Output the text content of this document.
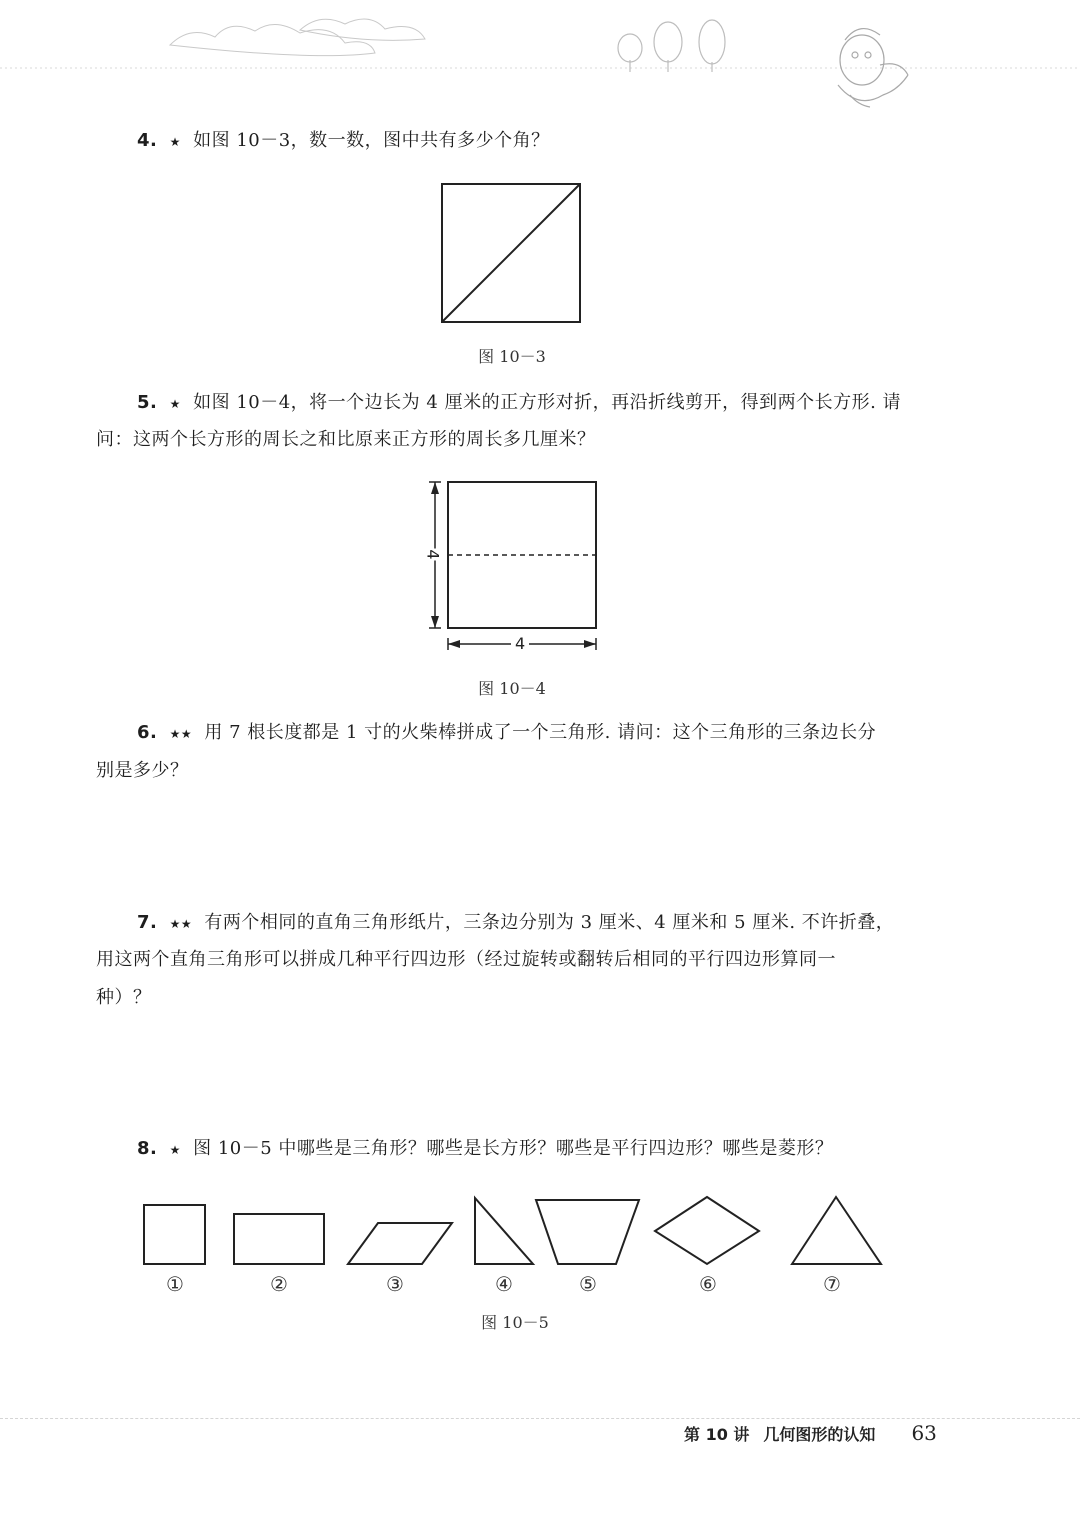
4. ★ 如图 10－3，数一数，图中共有多少个角？
图 10－3
5. ★ 如图 10－4，将一个边长为 4 厘米的正方形对折，再沿折线剪开，得到两个长方形. 请
问：这两个长方形的周长之和比原来正方形的周长多几厘米？
4
4
图 10－4
6. ★★ 用 7 根长度都是 1 寸的火柴棒拼成了一个三角形. 请问：这个三角形的三条边长分
别是多少？
7. ★★ 有两个相同的直角三角形纸片，三条边分别为 3 厘米、4 厘米和 5 厘米. 不许折叠，
用这两个直角三角形可以拼成几种平行四边形（经过旋转或翻转后相同的平行四边形算同一
种）？
8. ★ 图 10－5 中哪些是三角形？哪些是长方形？哪些是平行四边形？哪些是菱形？
①	②	③	④	⑤	⑥	⑦
图 10－5
第 10 讲 几何图形的认知 63
